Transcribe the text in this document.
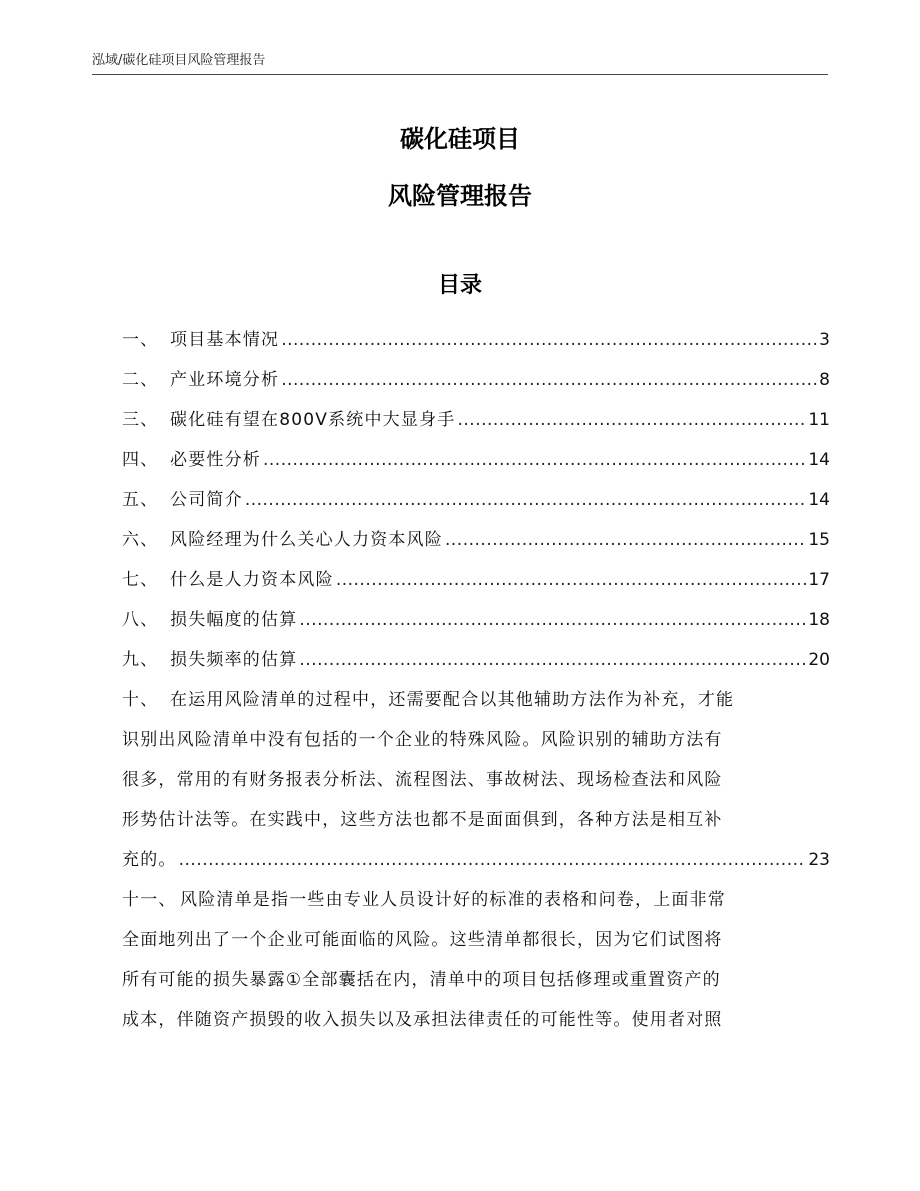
泓域/碳化硅项目风险管理报告
碳化硅项目
风险管理报告
目录
一、 项目基本情况 .....	3
二、 产业环境分析 .....	8
三、 碳化硅有望在800V系统中大显身手 .....	11
四、 必要性分析 .....	14
五、 公司简介 .....	14
六、 风险经理为什么关心人力资本风险 .....	15
七、 什么是人力资本风险 .....	17
八、 损失幅度的估算 .....	18
九、 损失频率的估算 .....	20
十、 在运用风险清单的过程中，还需要配合以其他辅助方法作为补充，才能
识别出风险清单中没有包括的一个企业的特殊风险。风险识别的辅助方法有
很多，常用的有财务报表分析法、流程图法、事故树法、现场检查法和风险
形势估计法等。在实践中，这些方法也都不是面面俱到，各种方法是相互补
充的。 .....	23
十一、 风险清单是指一些由专业人员设计好的标准的表格和问卷，上面非常
全面地列出了一个企业可能面临的风险。这些清单都很长，因为它们试图将
所有可能的损失暴露①全部囊括在内，清单中的项目包括修理或重置资产的
成本，伴随资产损毁的收入损失以及承担法律责任的可能性等。使用者对照
